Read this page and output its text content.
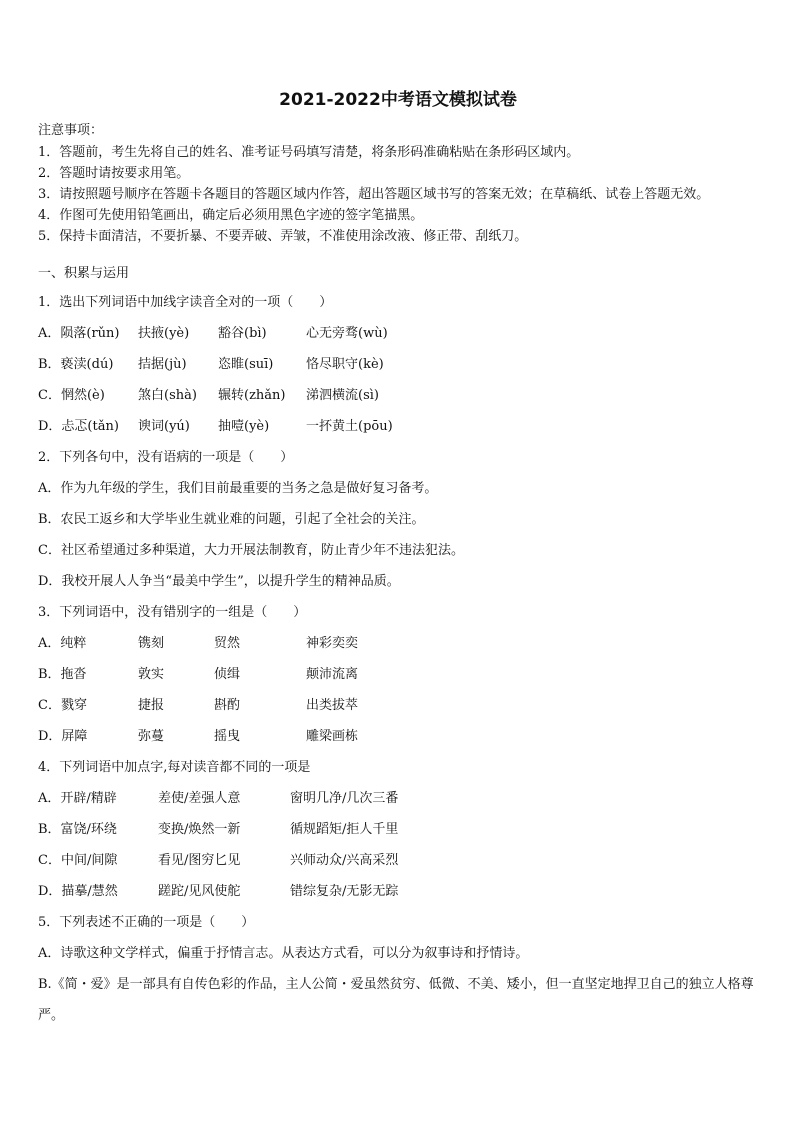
2021-2022中考语文模拟试卷
注意事项：
1．答题前，考生先将自己的姓名、准考证号码填写清楚，将条形码准确粘贴在条形码区域内。
2．答题时请按要求用笔。
3．请按照题号顺序在答题卡各题目的答题区域内作答，超出答题区域书写的答案无效；在草稿纸、试卷上答题无效。
4．作图可先使用铅笔画出，确定后必须用黑色字迹的签字笔描黑。
5．保持卡面清洁，不要折暴、不要弄破、弄皱，不准使用涂改液、修正带、刮纸刀。
一、积累与运用
1．选出下列词语中加线字读音全对的一项（　　）
A．陨落(rǔn)	扶掖(yè)	豁谷(bì)	心无旁骛(wù)
B．亵渎(dú)	拮据(jù)	恣睢(suī)	恪尽职守(kè)
C．惘然(è)	煞白(shà)	辗转(zhǎn)	涕泗横流(sì)
D．忐忑(tǎn)	谀词(yú)	抽噎(yè)	一抔黄土(pōu)
2．下列各句中，没有语病的一项是（　　）
A．作为九年级的学生，我们目前最重要的当务之急是做好复习备考。
B．农民工返乡和大学毕业生就业难的问题，引起了全社会的关注。
C．社区希望通过多种渠道，大力开展法制教育，防止青少年不违法犯法。
D．我校开展人人争当“最美中学生”，以提升学生的精神品质。
3．下列词语中，没有错别字的一组是（　　）
A．纯粹	镌刻	贸然	神彩奕奕
B．拖沓	敦实	侦缉	颠沛流离
C．戮穿	捷报	斟酌	出类拔萃
D．屏障	弥蔓	摇曳	雕梁画栋
4．下列词语中加点字,每对读音都不同的一项是
A．开辟/精辟	差使/差强人意	窗明几净/几次三番
B．富饶/环绕	变换/焕然一新	循规蹈矩/拒人千里
C．中间/间隙	看见/图穷匕见	兴师动众/兴高采烈
D．描摹/慧然	蹉跎/见风使舵	错综复杂/无影无踪
5．下列表述不正确的一项是（　　）
A．诗歌这种文学样式，偏重于抒情言志。从表达方式看，可以分为叙事诗和抒情诗。
B.《简・爱》是一部具有自传色彩的作品，主人公简・爱虽然贫穷、低微、不美、矮小，但一直坚定地捍卫自己的独立人格尊严。
